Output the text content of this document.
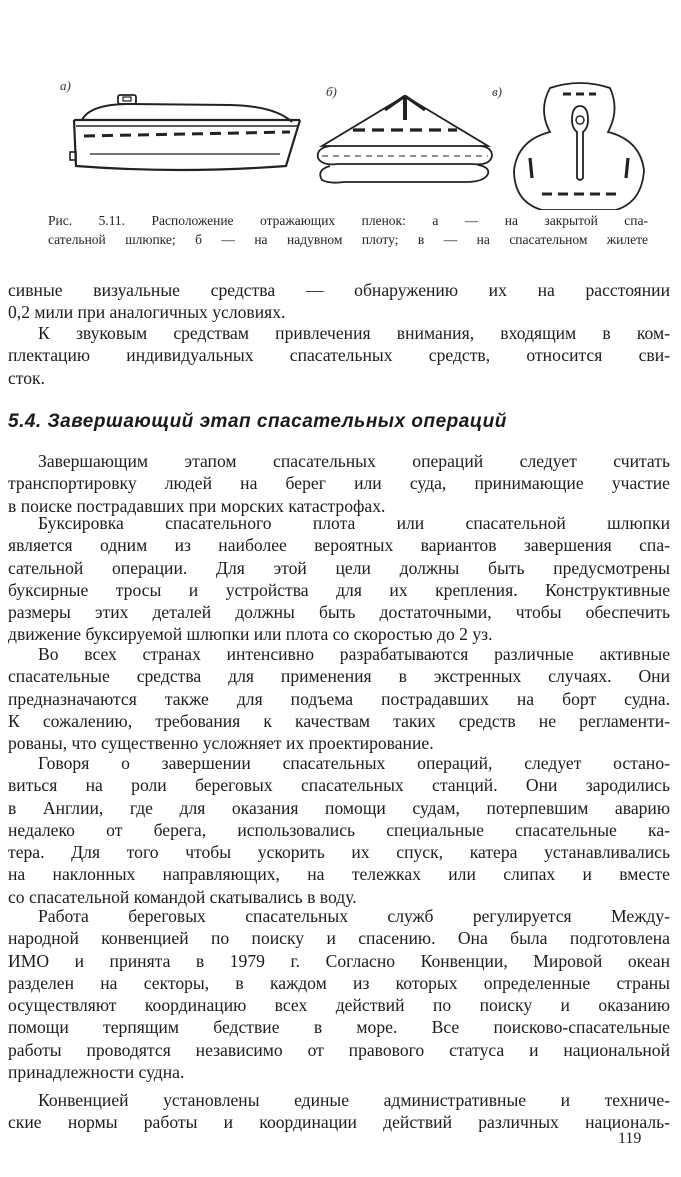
а)	б)	в)
Рис. 5.11. Расположение отражающих пленок: а — на закрытой спа-
сательной шлюпке; б — на надувном плоту; в — на спасательном жилете
сивные визуальные средства — обнаружению их на расстоянии
0,2 мили при аналогичных условиях.
К звуковым средствам привлечения внимания, входящим в ком-
плектацию индивидуальных спасательных средств, относится сви-
сток.
5.4. Завершающий этап спасательных операций
Завершающим этапом спасательных операций следует считать
транспортировку людей на берег или суда, принимающие участие
в поиске пострадавших при морских катастрофах.
Буксировка спасательного плота или спасательной шлюпки
является одним из наиболее вероятных вариантов завершения спа-
сательной операции. Для этой цели должны быть предусмотрены
буксирные тросы и устройства для их крепления. Конструктивные
размеры этих деталей должны быть достаточными, чтобы обеспечить
движение буксируемой шлюпки или плота со скоростью до 2 уз.
Во всех странах интенсивно разрабатываются различные активные
спасательные средства для применения в экстренных случаях. Они
предназначаются также для подъема пострадавших на борт судна.
К сожалению, требования к качествам таких средств не регламенти-
рованы, что существенно усложняет их проектирование.
Говоря о завершении спасательных операций, следует остано-
виться на роли береговых спасательных станций. Они зародились
в Англии, где для оказания помощи судам, потерпевшим аварию
недалеко от берега, использовались специальные спасательные ка-
тера. Для того чтобы ускорить их спуск, катера устанавливались
на наклонных направляющих, на тележках или слипах и вместе
со спасательной командой скатывались в воду.
Работа береговых спасательных служб регулируется Между-
народной конвенцией по поиску и спасению. Она была подготовлена
ИМО и принята в 1979 г. Согласно Конвенции, Мировой океан
разделен на секторы, в каждом из которых определенные страны
осуществляют координацию всех действий по поиску и оказанию
помощи терпящим бедствие в море. Все поисково-спасательные
работы проводятся независимо от правового статуса и национальной
принадлежности судна.
Конвенцией установлены единые административные и техниче-
ские нормы работы и координации действий различных националь-
119
